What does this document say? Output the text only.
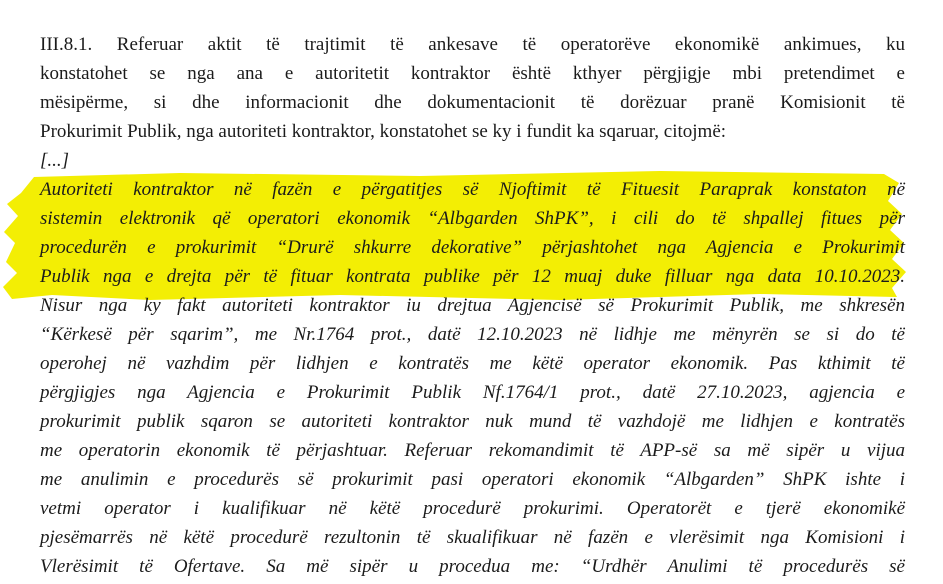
III.8.1. Referuar aktit të trajtimit të ankesave të operatorëve ekonomikë ankimues, ku
konstatohet se nga ana e autoritetit kontraktor është kthyer përgjigje mbi pretendimet e
mësipërme, si dhe informacionit dhe dokumentacionit të dorëzuar pranë Komisionit të
Prokurimit Publik, nga autoriteti kontraktor, konstatohet se ky i fundit ka sqaruar, citojmë:
[...]
Autoriteti kontraktor në fazën e përgatitjes së Njoftimit të Fituesit Paraprak konstaton në
sistemin elektronik që operatori ekonomik “Albgarden ShPK”, i cili do të shpallej fitues për
procedurën e prokurimit “Drurë shkurre dekorative” përjashtohet nga Agjencia e Prokurimit
Publik nga e drejta për të fituar kontrata publike për 12 muaj duke filluar nga data 10.10.2023.
Nisur nga ky fakt autoriteti kontraktor iu drejtua Agjencisë së Prokurimit Publik, me shkresën
“Kërkesë për sqarim”, me Nr.1764 prot., datë 12.10.2023 në lidhje me mënyrën se si do të
operohej në vazhdim për lidhjen e kontratës me këtë operator ekonomik. Pas kthimit të
përgjigjes nga Agjencia e Prokurimit Publik Nf.1764/1 prot., datë 27.10.2023, agjencia e
prokurimit publik sqaron se autoriteti kontraktor nuk mund të vazhdojë me lidhjen e kontratës
me operatorin ekonomik të përjashtuar. Referuar rekomandimit të APP-së sa më sipër u vijua
me anulimin e procedurës së prokurimit pasi operatori ekonomik “Albgarden” ShPK ishte i
vetmi operator i kualifikuar në këtë procedurë prokurimi. Operatorët e tjerë ekonomikë
pjesëmarrës në këtë procedurë rezultonin të skualifikuar në fazën e vlerësimit nga Komisioni i
Vlerësimit të Ofertave. Sa më sipër u procedua me: “Urdhër Anulimi të procedurës së
